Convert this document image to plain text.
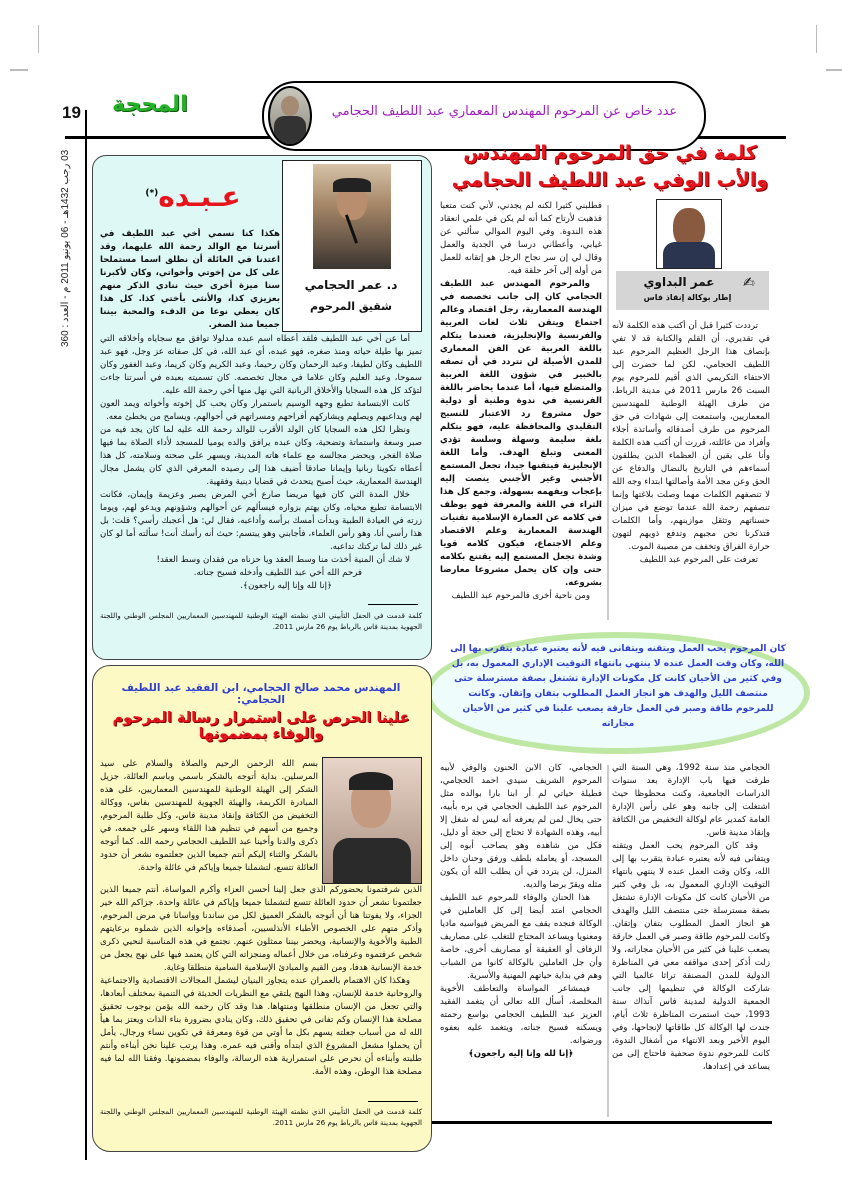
19 المحجة	عدد خاص عن المرحوم المهندس المعماري عبد اللطيف الحجامي
03 رجب 1432هـ - 06 يونيو 2011 م - العدد : 360
د. عمر الحجامي
شقيق المرحوم
عـبـده(*)
هكذا كنا نسمي أخي عبد اللطيف في أسرتنا مع الوالد رحمة الله عليهما، وقد اعتدنا في العائلة أن نطلق اسما مستملحا على كل من إخوتي وأخواتي، وكان لأكبرنا سنا ميزة أخرى حيث ننادي الذكر منهم بعزيزي كذا، والأنثى بأختي كذا. كل هذا كان يعطي نوعا من الدفء والمحبة بيننا جميعا منذ الصغر.

أما عن أخي عبد اللطيف فلقد أعطاه اسم عبده مدلولا توافق مع سجاياه وأخلاقه التي تميز بها طيلة حياته ومنذ صغره، فهو عبده، أي عبد الله، في كل صفاته عز وجل، فهو عبد اللطيف وكان لطيفا، وعبد الرحمان وكان رحيما، وعبد الكريم وكان كريما، وعبد الغفور وكان سموحا، وعبد العليم وكان علاما في مجال تخصصه. كان تسميته بعبده في أسرتنا جاءت لتؤكد كل هذه السجايا والأخلاق الربانية التي نهل منها أخي رحمة الله عليه.

كانت الابتسامة تطبع وجهه الوسيم باستمرار وكان يحب كل إخوته وأخواته ويمد العون لهم ويداعبهم ويصلهم ويشاركهم أفراحهم ومسراتهم في أحوالهم، ويسامح من يخطئ معه.

ونظرا لكل هذه السجايا كان الولد الأقرب للوالد رحمة الله عليه لما كان يجد فيه من صبر وسعة واستماتة وتضحية، وكان عبده يرافق والده يوميا للمسجد لأداء الصلاة بما فيها صلاة الفجر، ويحضر مجالسه مع علماء هاته المدينة، ويسهر على صحته وسلامته، كل هذا أعطاه تكوينا ربانيا وإيمانا صادقا أضيف هذا إلى رصيده المعرفي الذي كان يشمل مجال الهندسة المعمارية، حيث أصبح يتحدث في قضايا دينية وفقهية.

خلال المدة التي كان فيها مريضا صارع أخي المرض بصبر وعزيمة وإيمان، فكانت الابتسامة تطبع محياه، وكان يهتم بزواره فيسألهم عن أحوالهم وشؤونهم ويدعو لهم، ويوما زرته في العيادة الطبية وبدأت أمسك برأسه وأداعبه، فقال لي: هل أعجبك رأسي؟ قلت: بل هذا رأسي أنا، وهو رأس العلماء، فأجابني وهو يبتسم: حيث أنه رأسك أنت! سألته أما لو كان غير ذلك لما تركتك تداعبه.

لا شك أن المنية أخذت منا وسط العقد ويا حزناه من فقدان وسط العقد!

فرحم الله أخي عبد اللطيف وأدخله فسيح جناته.

﴿إنا لله وإنا إليه راجعون﴾.

كلمة قدمت في الحفل التأبيني الذي نظمته الهيئة الوطنية للمهندسين المعماريين المجلس الوطني واللجنة الجهوية بمدينة فاس بالرباط يوم 26 مارس 2011.
كلمة في حق المرحوم المهندس
والأب الوفي عبد اللطيف الحجامي
✍
عمر البداوي
إطار بوكالة إنقاذ فاس

ترددت كثيرا قبل أن أكتب هذه الكلمة لأنه في تقديري، أن القلم والكتابة قد لا تفي بإنصاف هذا الرجل العظيم المرحوم عبد اللطيف الحجامي، لكن لما حضرت إلى الاحتفاء التكريمي الذي أقيم للمرحوم يوم السبت 26 مارس 2011 في مدينة الرباط، من طرف الهيئة الوطنية للمهندسين المعماريين، واستمعت إلى شهادات في حق المرحوم من طرف أصدقائه وأساتذة أجلاء وأفراد من عائلته، قررت أن أكتب هذه الكلمة وأنا على يقين أن العظماء الذين يطلقون أسماءهم في التاريخ بالنضال والدفاع عن الحق وعن مجد الأمة وأصالتها ابتداء وجه الله لا تنصفهم الكلمات مهما وصلت بلاغتها وإنما تنصفهم رحمة الله عندما توضع في ميزان حسناتهم وتثقل موازينهم، وأما الكلمات فتذكرنا نحن مجبهم وتدفع ذويهم لتهون حرارة الفراق وتخفف من مصيبة الموت.

تعرفت على المرحوم عبد اللطيف

فطلبني كثيرا لكنه لم يجدني، لأني كنت متعبا فذهبت لأرتاح كما أنه لم يكن في علمي انعقاد هذه الندوة. وفي اليوم الموالي سألني عن غيابي، وأعطاني درسا في الجدية والعمل وقال لي إن سر نجاح الرجل هو إتقانه للعمل من أوله إلى آخر حلقة فيه.

والمرحوم المهندس عبد اللطيف الحجامي كان إلى جانب تخصصه في الهندسة المعمارية، رجل اقتصاد وعالم اجتماع ويتقن ثلاث لغات العربية والفرنسية والإنجليزية، فعندما يتكلم باللغة العربية عن الفن المعماري للمدن الأصيلة لن تتردد في أن تصفه بالخبير في شؤون اللغة العربية والمتضلع فيها، أما عندما يحاضر باللغة الفرنسية في ندوة وطنية أو دولية حول مشروع رد الاعتبار للنسيج التقليدي والمحافظة عليه، فهو يتكلم بلغة سليمة وسهلة وسلسة تؤدي المعنى وتبلغ الهدف. وأما اللغة الإنجليزية فيتقنها جيدا، تجعل المستمع الأجنبي وغير الأجنبي ينصت إليه بإعجاب ويفهمه بسهولة. وجمع كل هذا الثراء في اللغة والمعرفة فهو يوظف في كلامه عن العمارة الإسلامية تقنيات الهندسة المعمارية وعلم الاقتصاد وعلم الاجتماع، فيكون كلامه قويا وشدة تجعل المستمع إليه يقتنع بكلامه حتى وإن كان يحمل مشروعا معارضا بشروعه.

ومن ناحية أخرى فالمرحوم عبد اللطيف

كان المرحوم يحب العمل ويتقنه ويتفانى فيه لأنه يعتبره عبادة يتقرب بها إلى الله، وكان وقت العمل عنده لا ينتهي بانتهاء التوقيت الإداري المعمول به، بل وفي كثير من الأحيان كانت كل مكونات الإدارة تشتغل بصفة مسترسلة حتى منتصف الليل والهدف هو انجاز العمل المطلوب بتفان وإتقان. وكانت للمرحوم طاقة وصبر في العمل خارقة يصعب علينا في كثير من الأحيان مجاراته

الحجامي منذ سنة 1992، وهي السنة التي طرقت فيها باب الإدارة بعد سنوات الدراسات الجامعية، وكنت محظوظا حيث اشتغلت إلى جانبه وهو على رأس الإدارة العامة كمدير عام لوكالة التخفيض من الكثافة وإنقاذ مدينة فاس.

وقد كان المرحوم يحب العمل ويتقنه ويتفانى فيه لأنه يعتبره عبادة يتقرب بها إلى الله، وكان وقت العمل عنده لا ينتهي بانتهاء التوقيت الإداري المعمول به، بل وفي كثير من الأحيان كانت كل مكونات الإدارة تشتغل بصفة مسترسلة حتى منتصف الليل والهدف هو انجاز العمل المطلوب بتفان وإتقان. وكانت للمرحوم طاقة وصبر في العمل خارقة يصعب علينا في كثير من الأحيان مجاراته، ولا زلت أذكر إحدى مواقفه معي في المناظرة الدولية للمدن المصنفة تراثا عالميا التي شاركت الوكالة في تنظيمها إلى جانب الجمعية الدولية لمدينة فاس آنذاك سنة 1993، حيث استمرت المناظرة ثلاث أيام، جندت لها الوكالة كل طاقاتها لإنجاحها، وفي اليوم الأخير وبعد الانتهاء من أشغال الندوة، كانت للمرحوم ندوة صحفية فاحتاج إلى من يساعد في إعدادها،

الحجامي، كان الابن الحنون والوفي لأبيه المرحوم الشريف سيدي احمد الحجامي، فطيلة حياتي لم أر ابنا بارا بوالده مثل المرحوم عبد اللطيف الحجامي في بره بأبيه، حتى يخال لمن لم يعرفه أنه ليس له شغل إلا أبيه، وهذه الشهادة لا تحتاج إلى حجة أو دليل، فكل من شاهده وهو يصاحب أبوه إلى المسجد، أو يعامله بلطف ورفق وحنان داخل المنزل، لن يتردد في أن يطلب الله أن يكون مثله ويقرّ برضا والديه.

هذا الحنان والوفاء للمرحوم عبد اللطيف الحجامي امتد أيضا إلى كل العاملين في الوكالة فنجده يقف مع المريض فيواسيه ماديا ومعنويا ويساعد المحتاج للتغلب على مصاريف الزفاف أو العقيقة أو مصاريف أخرى، خاصة وأن جل العاملين بالوكالة كانوا من الشباب وهم في بداية حياتهم المهنية والأسرية.

فيمشاعر المواساة والتعاطف الأخوية المخلصة، أسأل الله تعالى أن يتغمد الفقيد العزيز عبد اللطيف الحجامي بواسع رحمته ويسكنه فسيح جناته، ويتغمد عليه بعفوه ورضوانه.

﴿إنا لله وإنا إليه راجعون﴾

المهندس محمد صالح الحجامي، ابن الفقيد عبد اللطيف الحجامي:
علينا الحرص على استمرار رسالة المرحوم والوفاء بمضمونها
بسم الله الرحمن الرحيم والصلاة والسلام على سيد المرسلين. بداية أتوجه بالشكر باسمي وباسم العائلة، جزيل الشكر إلى الهيئة الوطنية للمهندسين المعماريين، على هذه المبادرة الكريمة، والهيئة الجهوية للمهندسين بفاس، ووكالة التخفيض من الكثافة وإنقاذ مدينة فاس، وكل طلبة المرحوم، وجميع من أسهم في تنظيم هذا اللقاء وسهر على جمعه، في ذكرى والدنا وأخينا عبد اللطيف الحجامي رحمه الله. كما أتوجه بالشكر والثناء إليكم أنتم جميعا الذين جعلتموه نشعر أن حدود العائلة تتسع، لتشملنا جميعا وإياكم في عائلة واحدة.

الذين شرفتمونا بحضوركم الذي جعل إلينا أحسن العزاء وأكرم المواساة، أنتم جميعا الذين جعلتمونا نشعر أن حدود العائلة تتسع لتشملنا جميعا وإياكم في عائلة واحدة. جزاكم الله خير الجزاء، ولا يفوتنا هنا أن أتوجه بالشكر العميق لكل من ساندنا وواسانا في مرض المرحوم، وأذكر منهم على الخصوص الأطباء الأنذلسيين، أصدقاءه وإخوانه الذين شملوه برعايتهم الطبية والأخوية والإنسانية، ويحضر بيننا ممثلون عنهم. نجتمع في هذه المناسبة لنحيي ذكرى شخص عرفتموه وعرفناه، من خلال أعماله ومنجزاته التي كان يعتمد فيها على نهج يجعل من خدمة الإنسانية هدفا، ومن القيم والمبادئ الإسلامية السامية منطلقا وغاية.

وهكذا كان الاهتمام بالعمران عنده يتجاوز البنيان ليشمل المجالات الاقتصادية والاجتماعية والروحانية خدمة للإنسان، وهذا النهج يلتقي مع النظريات الحديثة في التنمية بمختلف أبعادها، والتي تجعل من الإنسان منطلقها ومنتهاها. هذا وقد كان رحمه الله يؤمن بوجوب تحقيق مصلحة هذا الإنسان وكم تفانى في تحقيق ذلك، وكان ينادي بضرورة بناء الذات ويعتز بما هيأ الله له من أسباب جعلته يسهم بكل ما أوتي من قوة ومعرفة في تكوين نساء ورجال، يأمل أن يحملوا مشعل المشروع الذي ابتدأه وأفنى فيه عمره. وهذا يرتب علينا نحن أبناءه وأنتم طلبته وأبناءه أن نحرص على استمرارية هذه الرسالة، والوفاء بمضمونها. وفقنا الله لما فيه مصلحة هذا الوطن، وهذه الأمة.

كلمة قدمت في الحفل التأبيني الذي نظمته الهيئة الوطنية للمهندسين المعماريين المجلس الوطني واللجنة الجهوية بمدينة فاس بالرباط يوم 26 مارس 2011.
